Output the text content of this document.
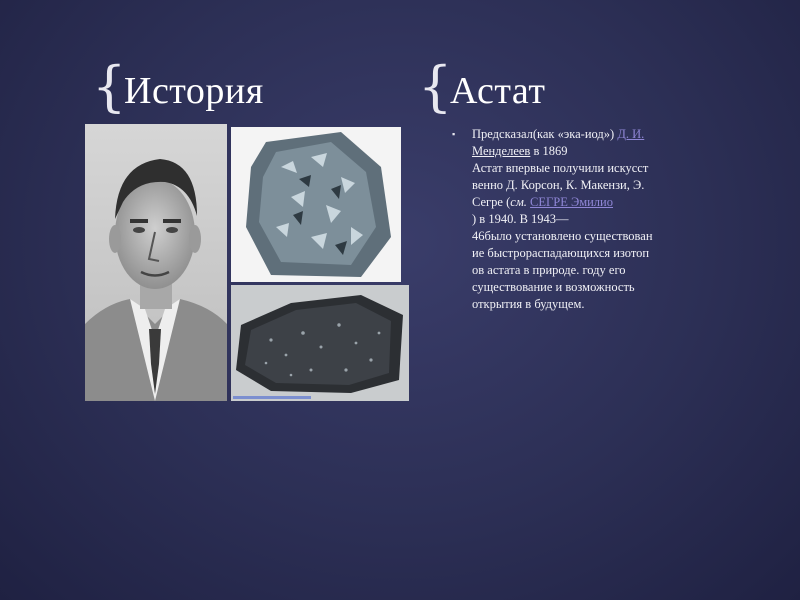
{
История	{
Астат
▪ Предсказал(как «эка-иод») Д. И.
Менделеев в 1869
Астат впервые получили искусст
венно Д. Корсон, К. Макензи, Э.
Сегре (см. СЕГРЕ Эмилио
) в 1940. В 1943—
46было установлено существован
ие быстрораспадающихся изотоп
ов астата в природе. году его
существование и возможность
открытия в будущем.
